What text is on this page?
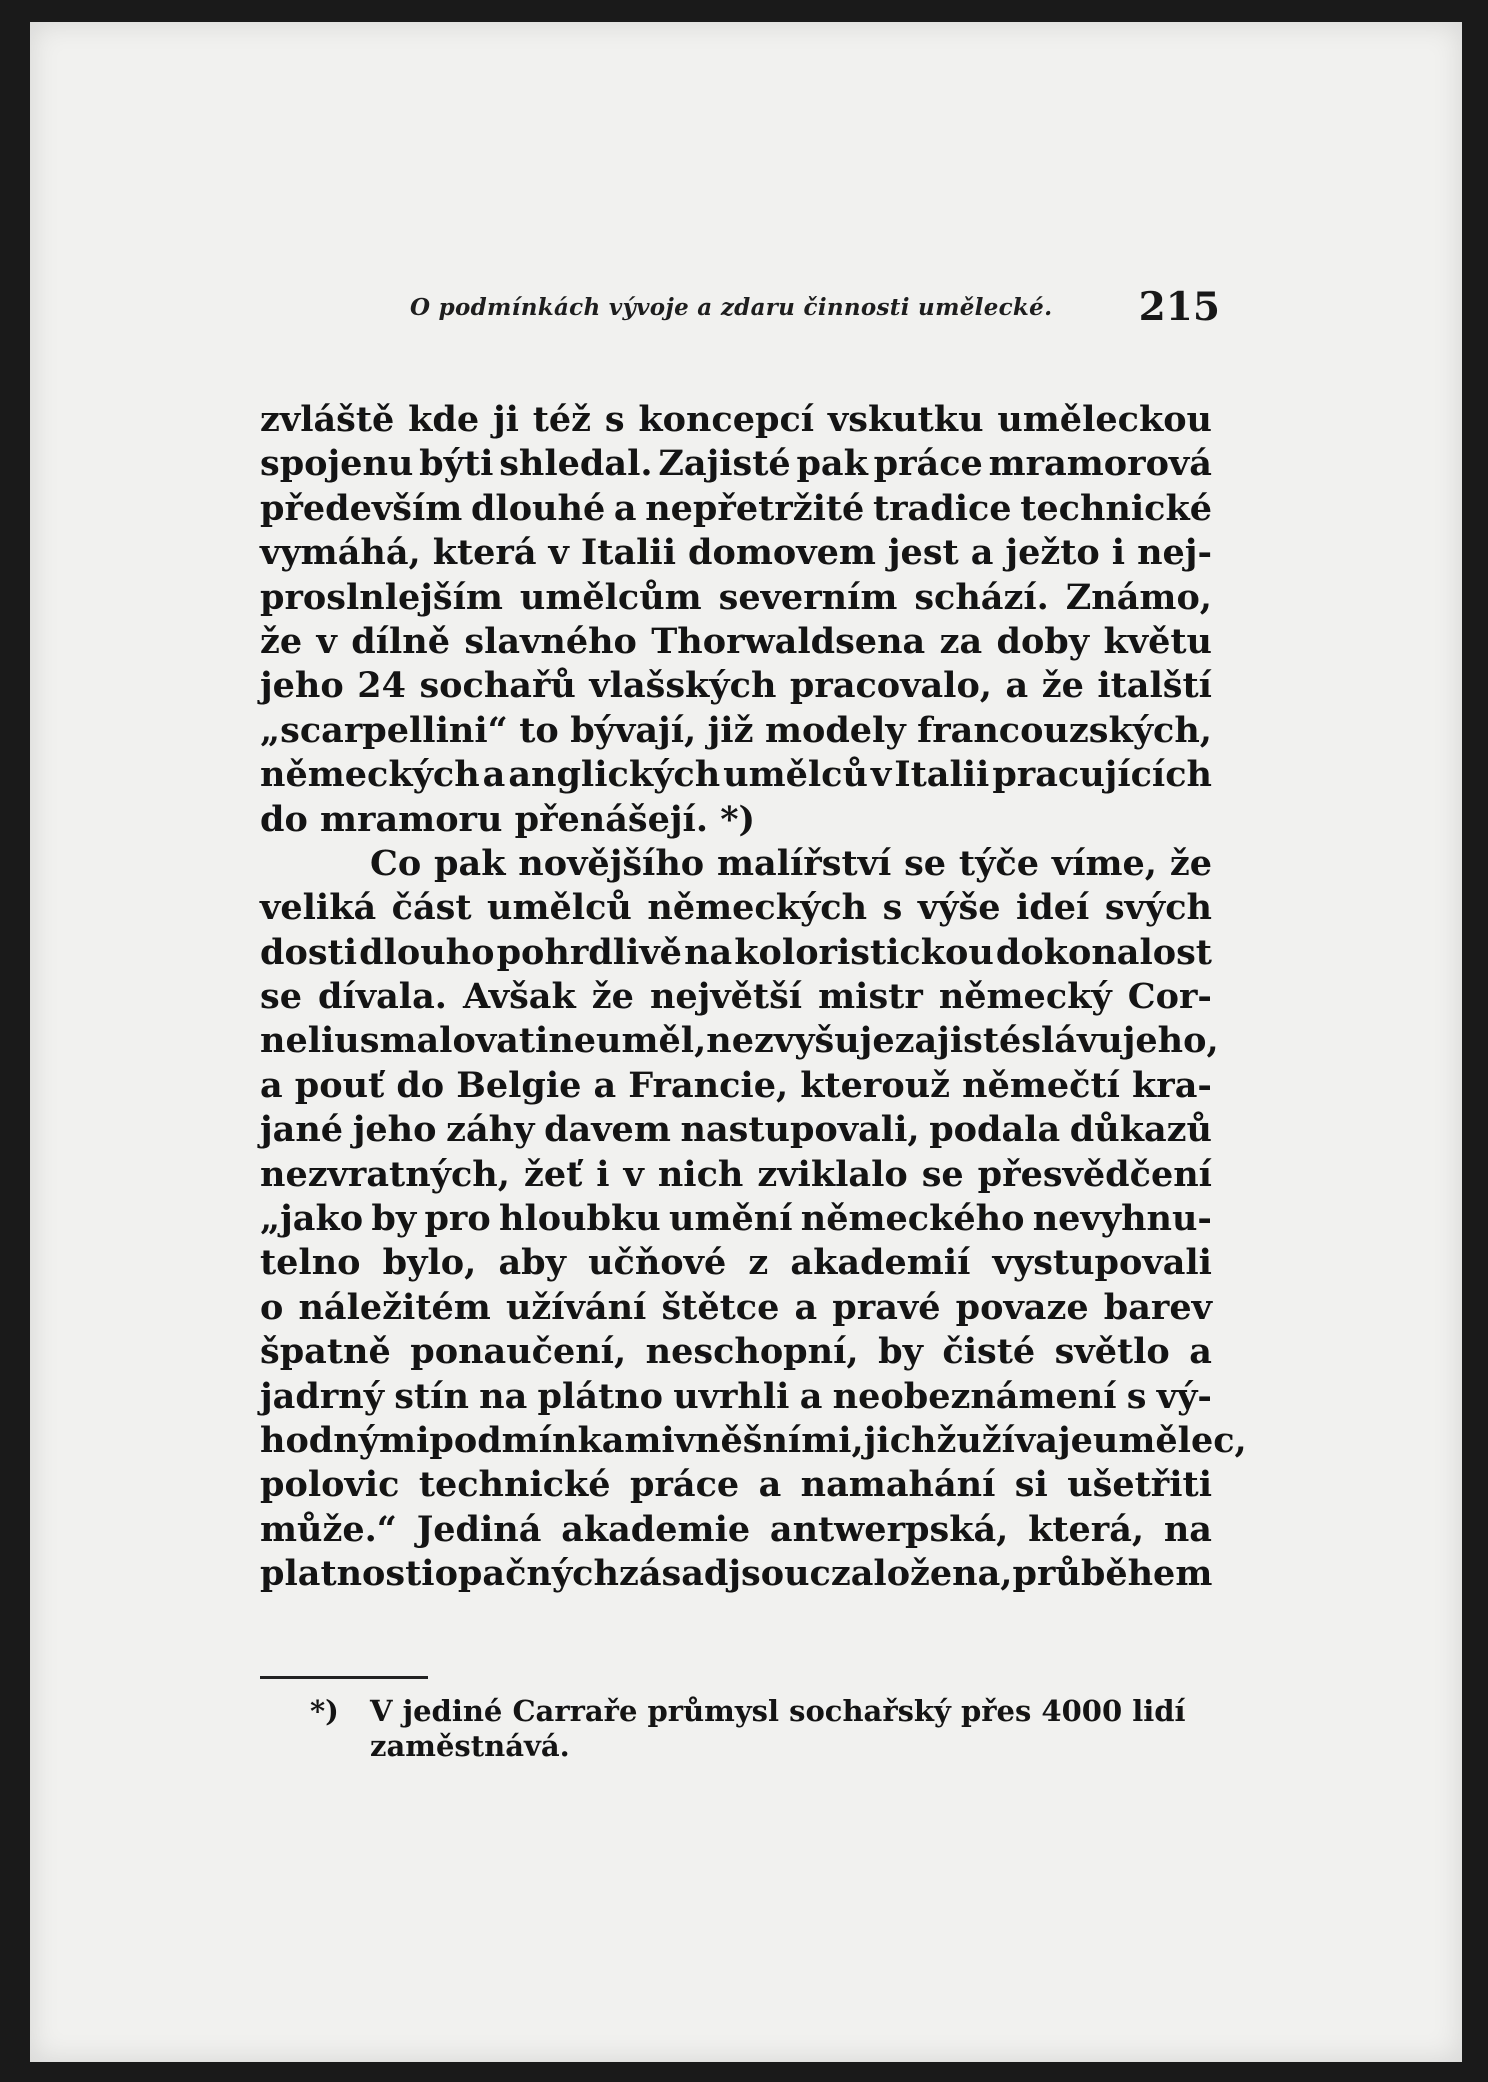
O podmínkách vývoje a zdaru činnosti umělecké. 215
zvláště kde ji též s koncepcí vskutku uměleckou
spojenu býti shledal. Zajisté pak práce mramorová
především dlouhé a nepřetržité tradice technické
vymáhá, která v Italii domovem jest a ježto i nej-
proslnlejším umělcům severním schází. Známo,
že v dílně slavného Thorwaldsena za doby květu
jeho 24 sochařů vlašských pracovalo, a že italští
„scarpellini“ to bývají, již modely francouzských,
německých a anglických umělců v Italii pracujících
do mramoru přenášejí. *)
Co pak novějšího malířství se týče víme, že
veliká část umělců německých s výše ideí svých
dosti dlouho pohrdlivě na koloristickou dokonalost
se dívala. Avšak že největší mistr německý Cor-
nelius malovati neuměl, nezvyšuje zajisté slávu jeho,
a pouť do Belgie a Francie, kterouž němečtí kra-
jané jeho záhy davem nastupovali, podala důkazů
nezvratných, žeť i v nich zviklalo se přesvědčení
„jako by pro hloubku umění německého nevyhnu-
telno bylo, aby učňové z akademií vystupovali
o náležitém užívání štětce a pravé povaze barev
špatně ponaučení, neschopní, by čisté světlo a
jadrný stín na plátno uvrhli a neobeznámení s vý-
hodnými podmínkami vněšními, jichž užívaje umělec,
polovic technické práce a namahání si ušetřiti
může.“ Jediná akademie antwerpská, která, na
platnosti opačných zásad jsouc založena, průběhem
*)	V jediné Carraře průmysl sochařský přes 4000 lidí
zaměstnává.
